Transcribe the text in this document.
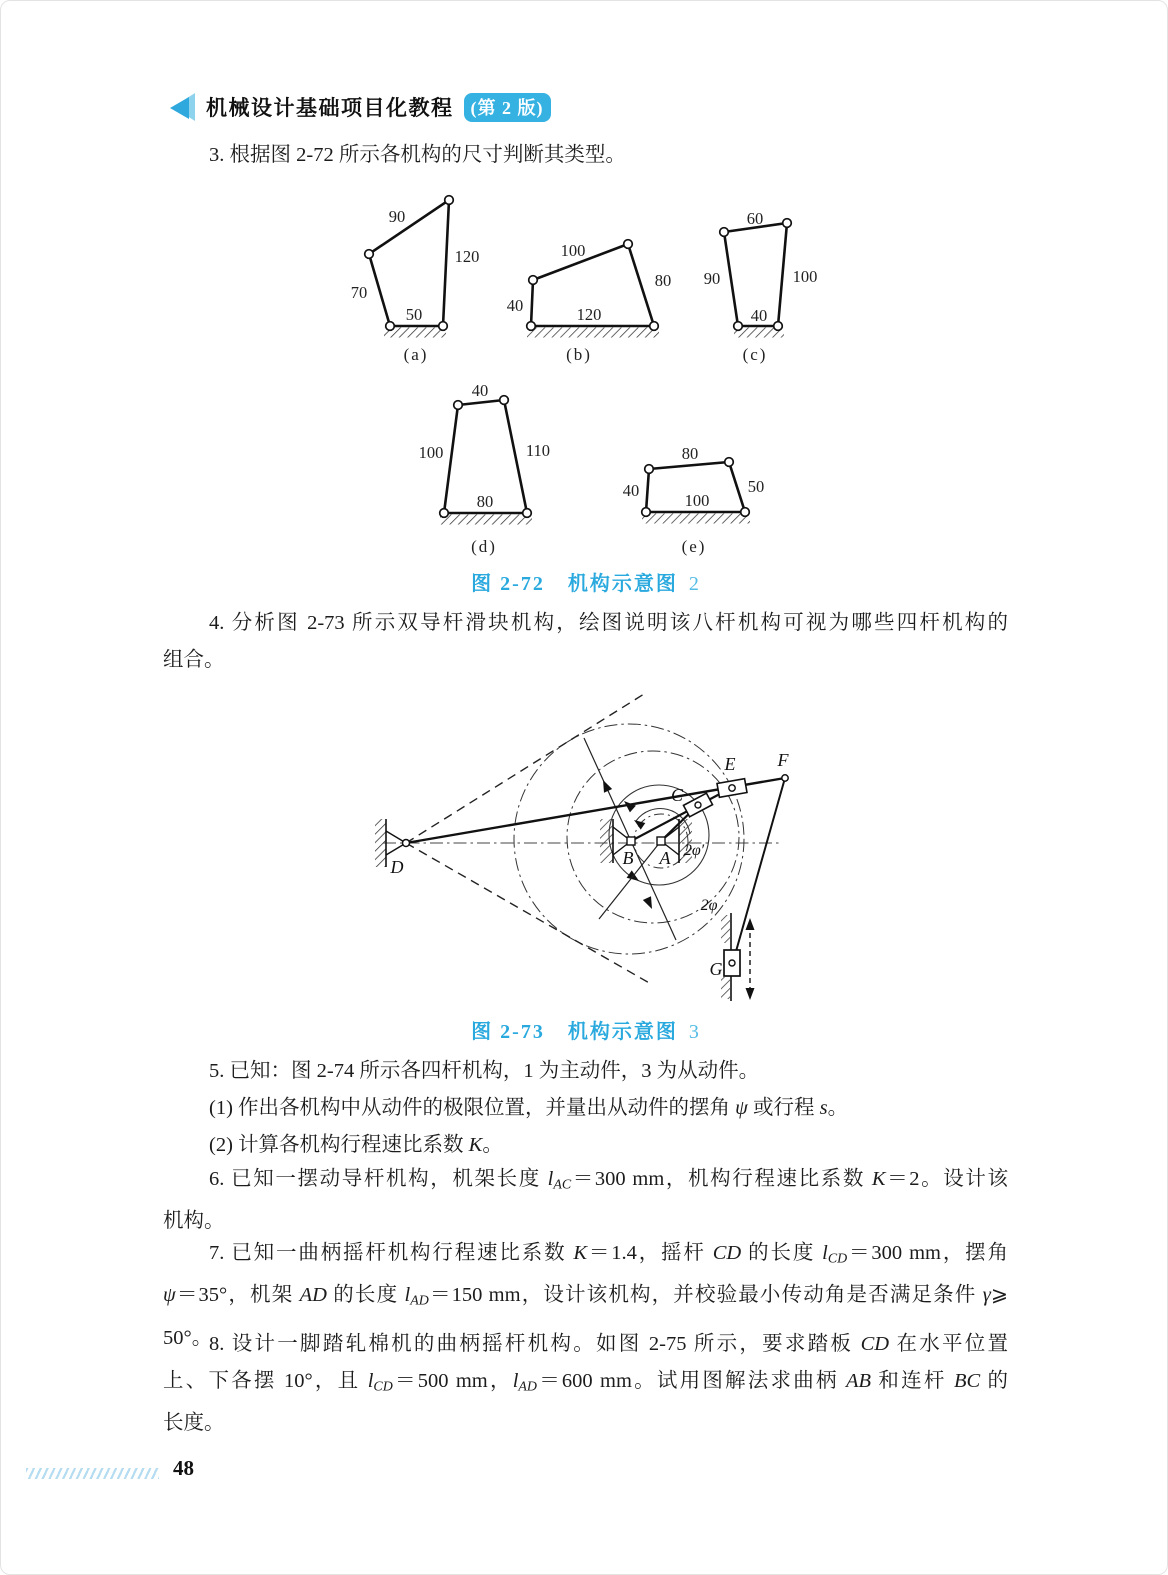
机械设计基础项目化教程 (第 2 版)
3. 根据图 2-72 所示各机构的尺寸判断其类型。
90
120
70
50
(a)
100
80
40	120
(b)
60
100
90
40
(c)
40
110
100
80
(d)
80
50
40
100
(e)
图 2-72 机构示意图 2
4. 分析图 2-73 所示双导杆滑块机构，绘图说明该八杆机构可视为哪些四杆机构的
组合。
D	B A
C
E F
G
2φ
2φ′
图 2-73 机构示意图 3
5. 已知：图 2-74 所示各四杆机构，1 为主动件，3 为从动件。
(1) 作出各机构中从动件的极限位置，并量出从动件的摆角 ψ 或行程 s。
(2) 计算各机构行程速比系数 K。
6. 已知一摆动导杆机构，机架长度 $l_{AC}=300$ mm，机构行程速比系数 K＝2。设计该
机构。
7. 已知一曲柄摇杆机构行程速比系数 K＝1.4，摇杆 CD 的长度 $l_{CD}=300$ mm，摆角
ψ＝35°，机架 AD 的长度 $l_{AD}=150$ mm，设计该机构，并校验最小传动角是否满足条件 γ⩾
50°。
8. 设计一脚踏轧棉机的曲柄摇杆机构。如图 2-75 所示，要求踏板 CD 在水平位置
上、下各摆 10°，且 $l_{CD}=500$ mm，$l_{AD}=600$ mm。试用图解法求曲柄 AB 和连杆 BC 的
长度。
48
